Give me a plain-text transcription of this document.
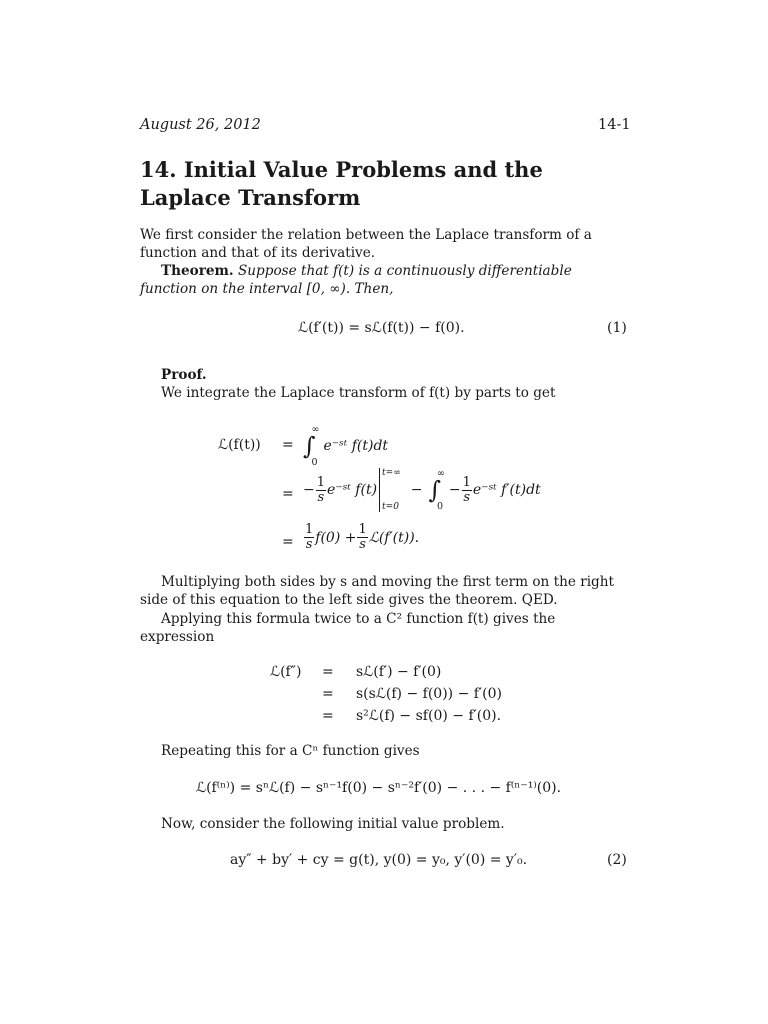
August 26, 2012	14-1
14. Initial Value Problems and the Laplace Transform
We first consider the relation between the Laplace transform of a function and that of its derivative.
Theorem. Suppose that f(t) is a continuously differentiable function on the interval [0, ∞). Then,
ℒ(f′(t)) = sℒ(f(t)) − f(0).	(1)
Proof.
We integrate the Laplace transform of f(t) by parts to get
ℒ(f(t)) = ∫
∞
0
e⁻ˢᵗ f(t)dt
= − $\frac{1}{s}$ e⁻ˢᵗ f(t)
t=∞
t=0
− ∫
∞
0
− $\frac{1}{s}$ e⁻ˢᵗ f′(t)dt
= $\frac{1}{s} f(0) + \frac{1}{s}$ ℒ(f′(t)).
Multiplying both sides by s and moving the first term on the right side of this equation to the left side gives the theorem. QED.
Applying this formula twice to a C² function f(t) gives the expression
ℒ(f″) = sℒ(f′) − f′(0)
= s(sℒ(f) − f(0)) − f′(0)
= s²ℒ(f) − sf(0) − f′(0).
Repeating this for a Cⁿ function gives
ℒ(f⁽ⁿ⁾) = sⁿℒ(f) − sⁿ⁻¹f(0) − sⁿ⁻²f′(0) − . . . − f⁽ⁿ⁻¹⁾(0).
Now, consider the following initial value problem.
ay″ + by′ + cy = g(t), y(0) = y₀, y′(0) = y′₀.	(2)
